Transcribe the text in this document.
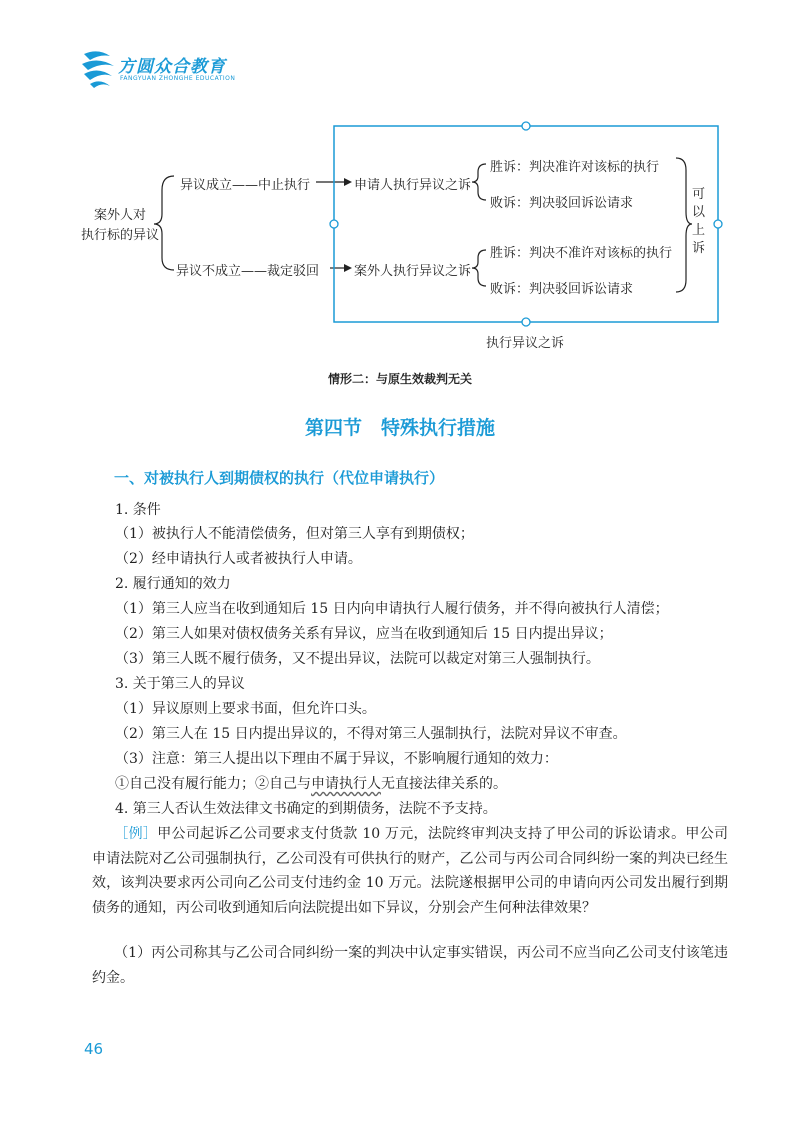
方圆众合教育
FANGYUAN ZHONGHE EDUCATION
案外人对
执行标的异议
异议成立——中止执行
异议不成立——裁定驳回
申请人执行异议之诉
案外人执行异议之诉
胜诉：判决准许对该标的执行
败诉：判决驳回诉讼请求
胜诉：判决不准许对该标的执行
败诉：判决驳回诉讼请求
可以上诉
执行异议之诉
情形二：与原生效裁判无关
第四节　特殊执行措施
一、对被执行人到期债权的执行（代位申请执行）
1. 条件
（1）被执行人不能清偿债务，但对第三人享有到期债权；
（2）经申请执行人或者被执行人申请。
2. 履行通知的效力
（1）第三人应当在收到通知后 15 日内向申请执行人履行债务，并不得向被执行人清偿；
（2）第三人如果对债权债务关系有异议，应当在收到通知后 15 日内提出异议；
（3）第三人既不履行债务，又不提出异议，法院可以裁定对第三人强制执行。
3. 关于第三人的异议
（1）异议原则上要求书面，但允许口头。
（2）第三人在 15 日内提出异议的，不得对第三人强制执行，法院对异议不审查。
（3）注意：第三人提出以下理由不属于异议，不影响履行通知的效力：
①自己没有履行能力；②自己与申请执行人无直接法律关系的。
4. 第三人否认生效法律文书确定的到期债务，法院不予支持。
［例］甲公司起诉乙公司要求支付货款 10 万元，法院终审判决支持了甲公司的诉讼请求。甲公司申请法院对乙公司强制执行，乙公司没有可供执行的财产，乙公司与丙公司合同纠纷一案的判决已经生效，该判决要求丙公司向乙公司支付违约金 10 万元。法院遂根据甲公司的申请向丙公司发出履行到期债务的通知，丙公司收到通知后向法院提出如下异议，分别会产生何种法律效果？
（1）丙公司称其与乙公司合同纠纷一案的判决中认定事实错误，丙公司不应当向乙公司支付该笔违约金。
46
